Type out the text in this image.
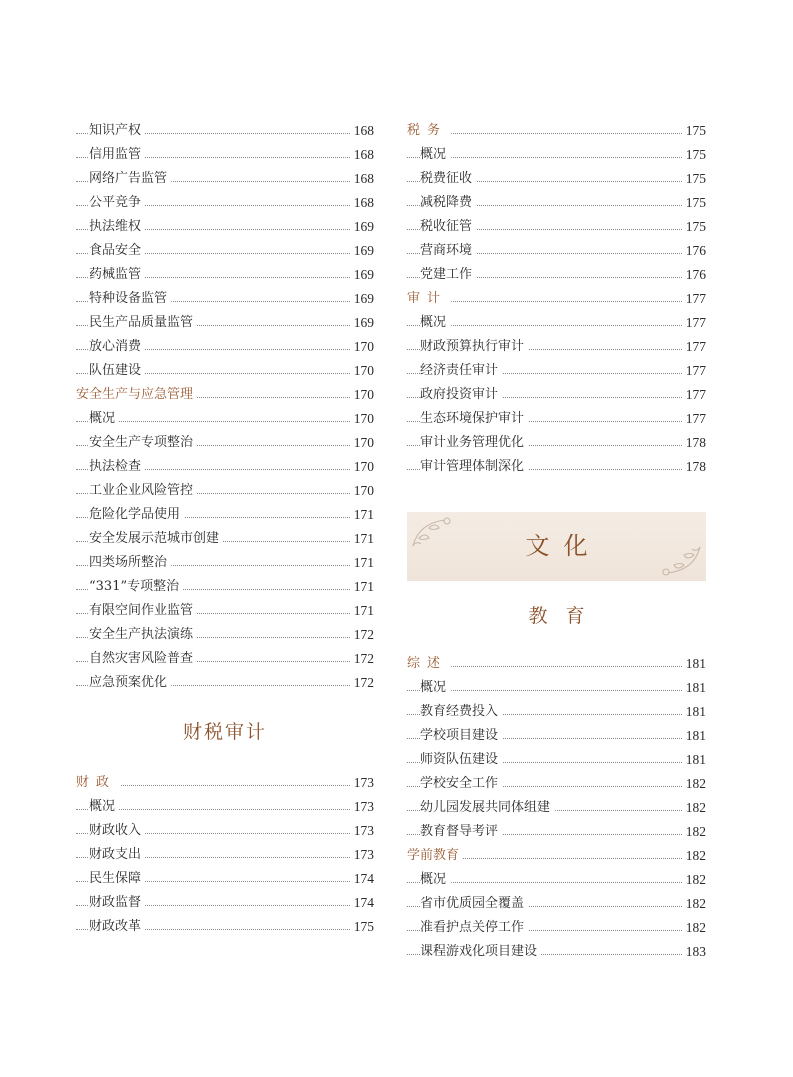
知识产权	168
信用监管	168
网络广告监管	168
公平竞争	168
执法维权	169
食品安全	169
药械监管	169
特种设备监管	169
民生产品质量监管	169
放心消费	170
队伍建设	170
安全生产与应急管理	170
概况	170
安全生产专项整治	170
执法检查	170
工业企业风险管控	170
危险化学品使用	171
安全发展示范城市创建	171
四类场所整治	171
“331”专项整治	171
有限空间作业监管	171
安全生产执法演练	172
自然灾害风险普查	172
应急预案优化	172
财税审计
财政	173
概况	173
财政收入	173
财政支出	173
民生保障	174
财政监督	174
财政改革	175
税务	175
概况	175
税费征收	175
减税降费	175
税收征管	175
营商环境	176
党建工作	176
审计	177
概况	177
财政预算执行审计	177
经济责任审计	177
政府投资审计	177
生态环境保护审计	177
审计业务管理优化	178
审计管理体制深化	178
文化
教育
综述	181
概况	181
教育经费投入	181
学校项目建设	181
师资队伍建设	181
学校安全工作	182
幼儿园发展共同体组建	182
教育督导考评	182
学前教育	182
概况	182
省市优质园全覆盖	182
准看护点关停工作	182
课程游戏化项目建设	183
